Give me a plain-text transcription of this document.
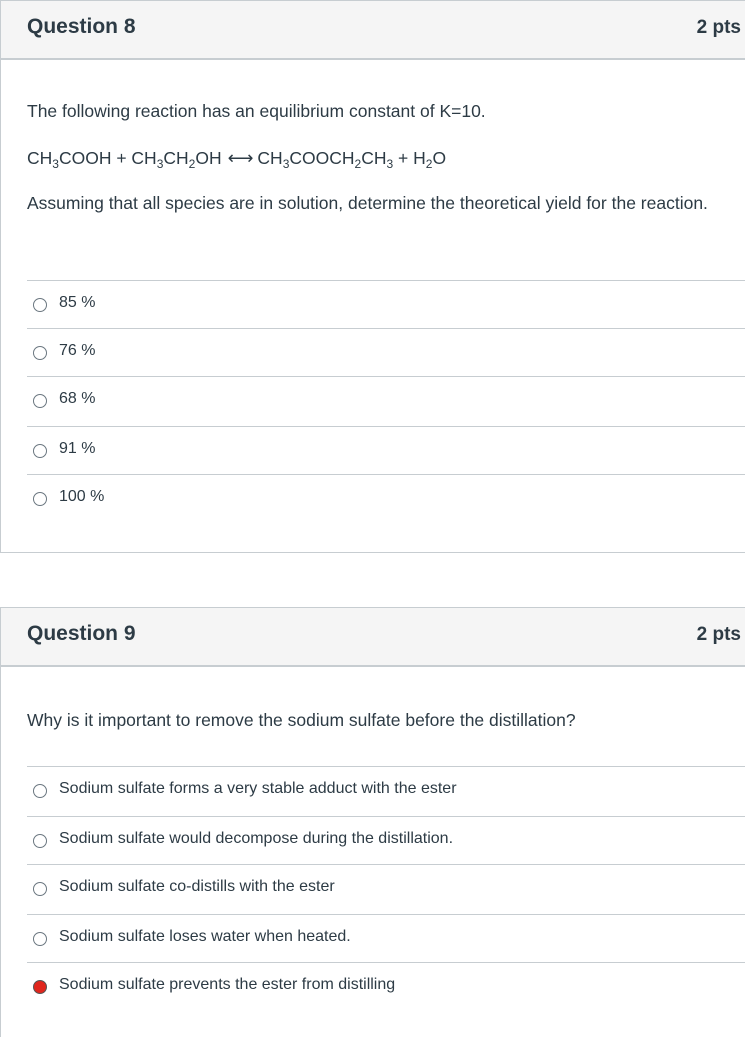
Question 8	2 pts
The following reaction has an equilibrium constant of K=10.
$CH_3COOH + CH_3CH_2OH$ ⟷ $CH_3COOCH_2CH_3 + H_2O$
Assuming that all species are in solution, determine the theoretical yield for the reaction.
85 %
76 %
68 %
91 %
100 %
Question 9	2 pts
Why is it important to remove the sodium sulfate before the distillation?
Sodium sulfate forms a very stable adduct with the ester
Sodium sulfate would decompose during the distillation.
Sodium sulfate co-distills with the ester
Sodium sulfate loses water when heated.
Sodium sulfate prevents the ester from distilling
